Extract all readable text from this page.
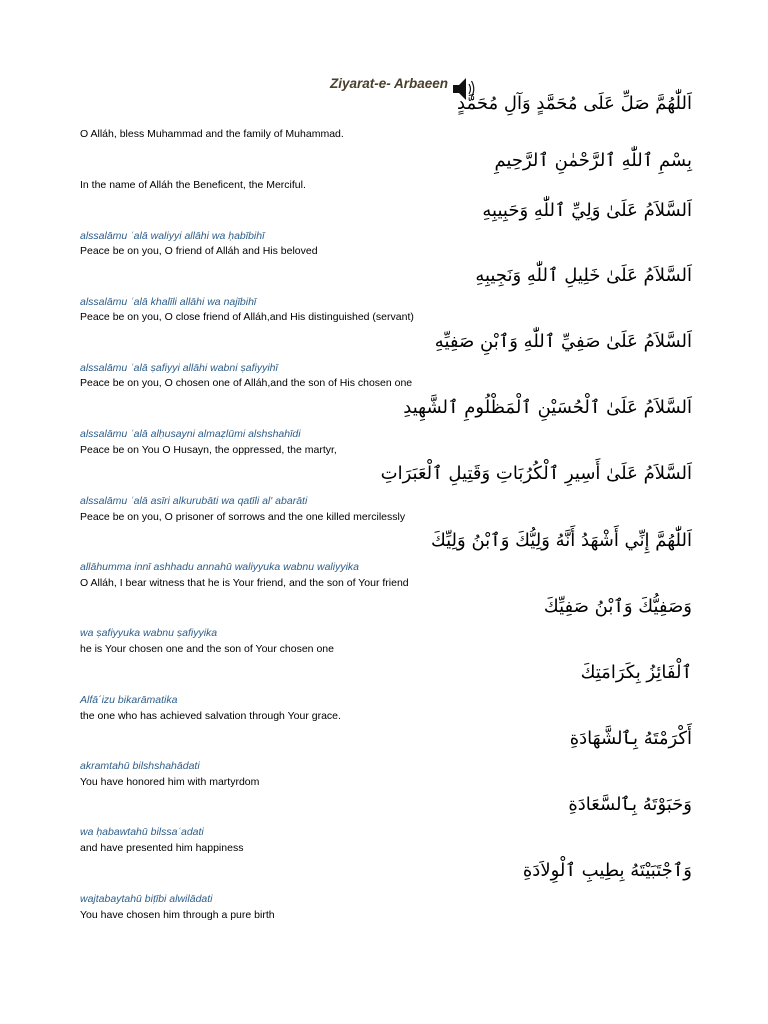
Ziyarat-e- Arbaeen
اَللّٰهُمَّ صَلِّ عَلَى مُحَمَّدٍ وَآلِ مُحَمَّدٍ
O Alláh, bless Muhammad and the family of Muhammad.
بِسْمِ ٱللّٰهِ ٱلرَّحْمٰنِ ٱلرَّحِيمِ
In the name of Alláh the Beneficent, the Merciful.
اَلسَّلاَمُ عَلَىٰ وَلِيِّ ٱللّٰهِ وَحَبِيبِهِ
alssalāmu ʿalā waliyyi allāhi wa ḥabībihī
Peace be on you, O friend of Alláh and His beloved
اَلسَّلاَمُ عَلَىٰ خَلِيلِ ٱللّٰهِ وَنَجِيبِهِ
alssalāmu ʿalā khalīli allāhi wa najībihī
Peace be on you, O close friend of Alláh,and His distinguished (servant)
اَلسَّلاَمُ عَلَىٰ صَفِيِّ ٱللّٰهِ وَٱبْنِ صَفِيِّهِ
alssalāmu ʿalā ṣafiyyi allāhi wabni ṣafiyyihī
Peace be on you, O chosen one of Alláh,and the son of His chosen one
اَلسَّلاَمُ عَلَىٰ ٱلْحُسَيْنِ ٱلْمَظْلُومِ ٱلشَّهِيدِ
alssalāmu ʿalā alḥusayni almaẓlūmi alshshahīdi
Peace be on You O Husayn, the oppressed, the martyr,
اَلسَّلاَمُ عَلَىٰ أَسِيرِ ٱلْكُرُبَاتِ وَقَتِيلِ ٱلْعَبَرَاتِ
alssalāmu ʿalā asīri alkurubāti wa qatīli al' abarāti
Peace be on you, O prisoner of sorrows and the one killed mercilessly
اَللّٰهُمَّ إِنِّي أَشْهَدُ أَنَّهُ وَلِيُّكَ وَٱبْنُ وَلِيِّكَ
allāhumma innī ashhadu annahū waliyyuka wabnu waliyyika
O Alláh, I bear witness that he is Your friend, and the son of Your friend
وَصَفِيُّكَ وَٱبْنُ صَفِيِّكَ
wa ṣafiyyuka wabnu ṣafiyyika
he is Your chosen one and the son of Your chosen one
ٱلْفَائِزُ بِكَرَامَتِكَ
Alfā´izu bikarāmatika
the one who has achieved salvation through Your grace.
أَكْرَمْتَهُ بِٱلشَّهَادَةِ
akramtahū bilshshahādati
You have honored him with martyrdom
وَحَبَوْتَهُ بِٱلسَّعَادَةِ
wa ḥabawtahū bilssaʿadati
and have presented him happiness
وَٱجْتَبَيْتَهُ بِطِيبِ ٱلْوِلاَدَةِ
wajtabaytahū biṭībi alwilādati
You have chosen him through a pure birth
